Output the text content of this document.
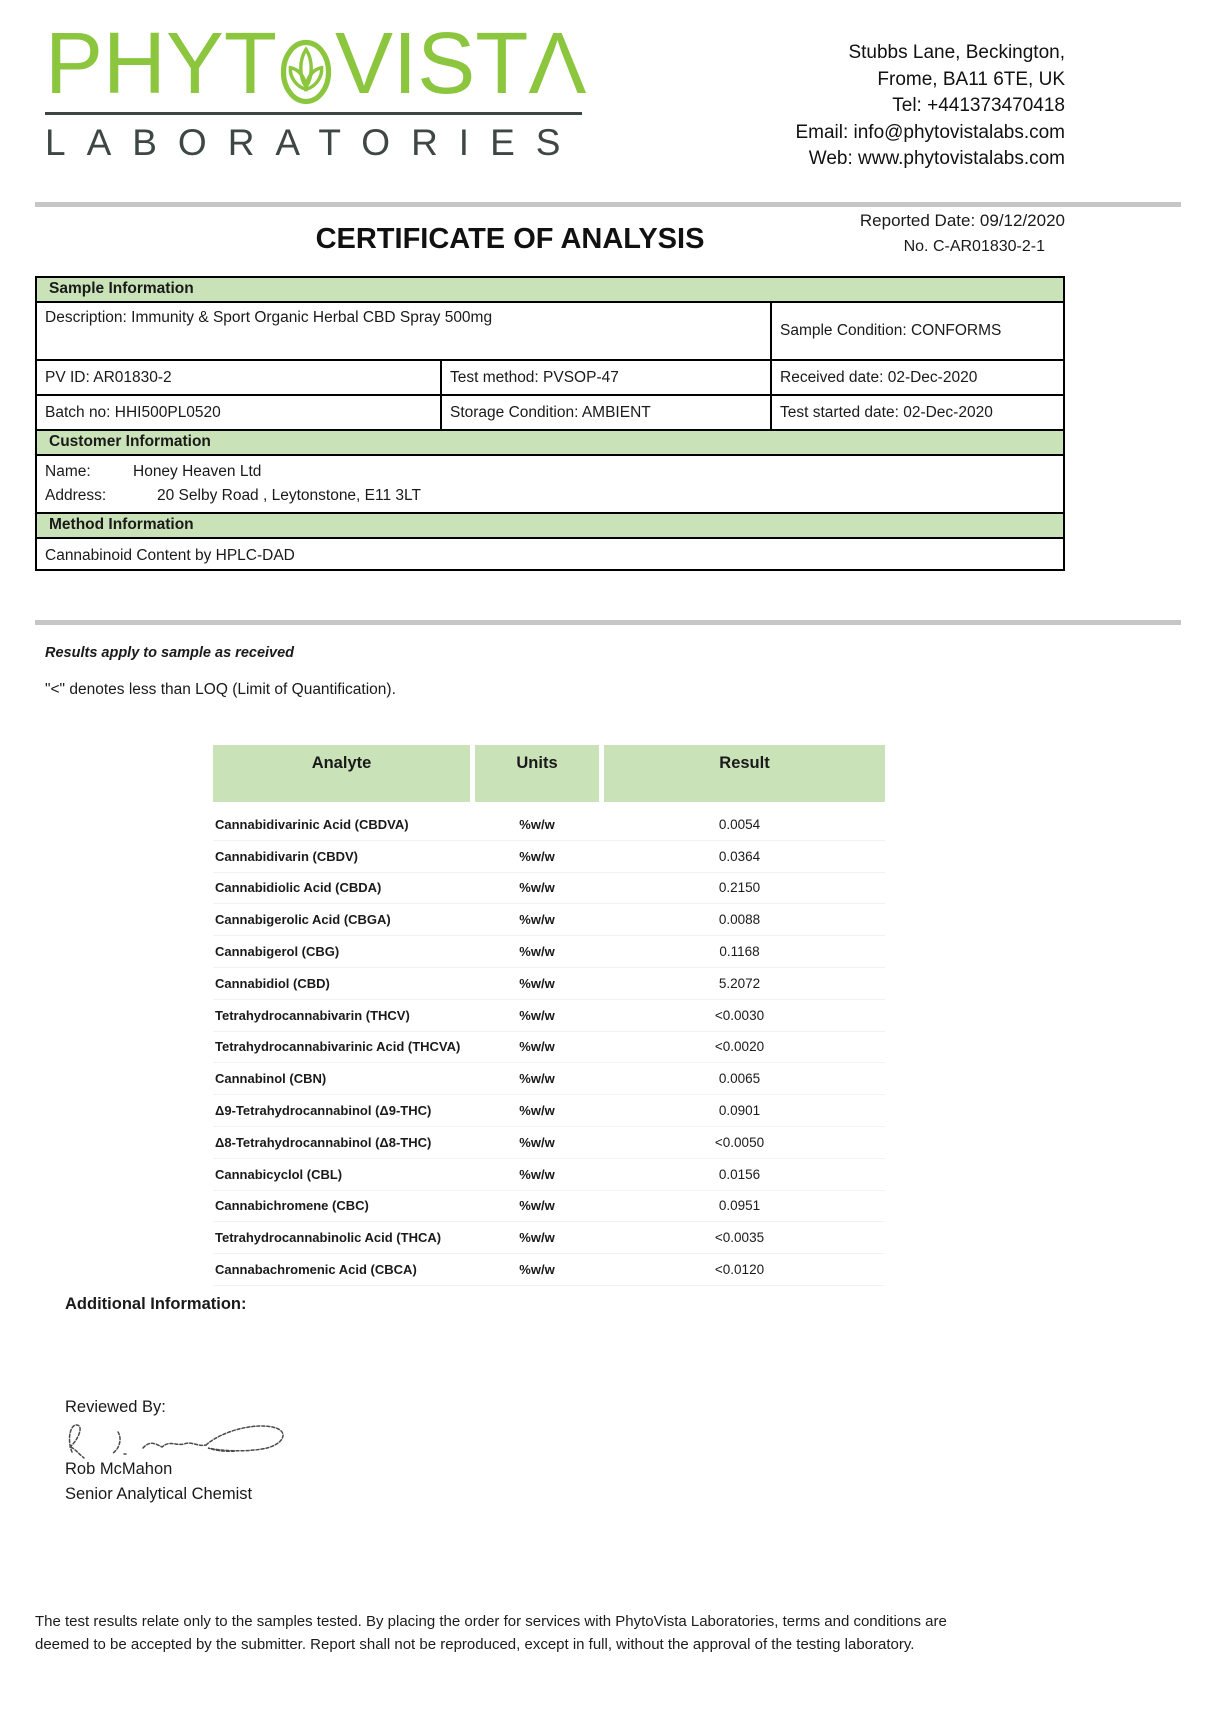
PHYT VIST Λ
LABORATORIES
Stubbs Lane, Beckington,
Frome, BA11 6TE, UK
Tel: +441373470418
Email: info@phytovistalabs.com
Web: www.phytovistalabs.com
Reported Date: 09/12/2020
No. C-AR01830-2-1
CERTIFICATE OF ANALYSIS
Sample Information
Description: Immunity & Sport Organic Herbal CBD Spray 500mg
Sample Condition: CONFORMS
PV ID: AR01830-2	Test method: PVSOP-47	Received date: 02-Dec-2020
Batch no: HHI500PL0520	Storage Condition: AMBIENT	Test started date: 02-Dec-2020
Customer Information
Name:	Honey Heaven Ltd
Address:	20 Selby Road , Leytonstone, E11 3LT
Method Information
Cannabinoid Content by HPLC-DAD
Results apply to sample as received
"<" denotes less than LOQ (Limit of Quantification).
Analyte	Units	Result
Cannabidivarinic Acid (CBDVA)	%w/w	0.0054
Cannabidivarin (CBDV)	%w/w	0.0364
Cannabidiolic Acid (CBDA)	%w/w	0.2150
Cannabigerolic Acid (CBGA)	%w/w	0.0088
Cannabigerol (CBG)	%w/w	0.1168
Cannabidiol (CBD)	%w/w	5.2072
Tetrahydrocannabivarin (THCV)	%w/w	<0.0030
Tetrahydrocannabivarinic Acid (THCVA)	%w/w	<0.0020
Cannabinol (CBN)	%w/w	0.0065
Δ9-Tetrahydrocannabinol (Δ9-THC)	%w/w	0.0901
Δ8-Tetrahydrocannabinol (Δ8-THC)	%w/w	<0.0050
Cannabicyclol (CBL)	%w/w	0.0156
Cannabichromene (CBC)	%w/w	0.0951
Tetrahydrocannabinolic Acid (THCA)	%w/w	<0.0035
Cannabachromenic Acid (CBCA)	%w/w	<0.0120
Additional Information:
Reviewed By:
Rob McMahon
Senior Analytical Chemist
The test results relate only to the samples tested. By placing the order for services with PhytoVista Laboratories, terms and conditions are
deemed to be accepted by the submitter. Report shall not be reproduced, except in full, without the approval of the testing laboratory.
